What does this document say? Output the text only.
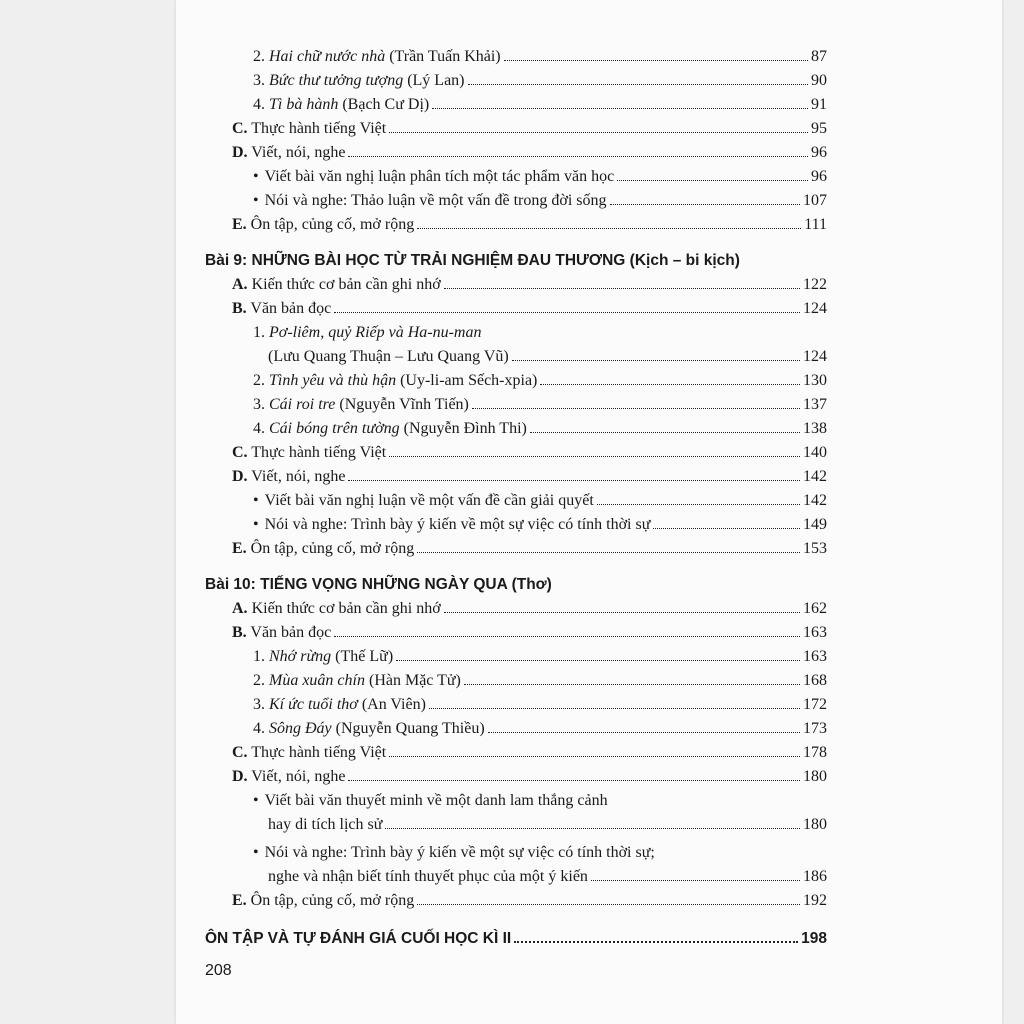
2. Hai chữ nước nhà (Trần Tuấn Khải)	87
3. Bức thư tưởng tượng (Lý Lan)	90
4. Tì bà hành (Bạch Cư Dị)	91
C. Thực hành tiếng Việt	95
D. Viết, nói, nghe	96
• Viết bài văn nghị luận phân tích một tác phẩm văn học	96
• Nói và nghe: Thảo luận về một vấn đề trong đời sống	107
E. Ôn tập, củng cố, mở rộng	111
Bài 9: NHỮNG BÀI HỌC TỪ TRẢI NGHIỆM ĐAU THƯƠNG (Kịch – bi kịch)
A. Kiến thức cơ bản cần ghi nhớ	122
B. Văn bản đọc	124
1. Pơ-liêm, quỷ Riếp và Ha-nu-man
(Lưu Quang Thuận – Lưu Quang Vũ)	124
2. Tình yêu và thù hận (Uy-li-am Sếch-xpia)	130
3. Cái roi tre (Nguyễn Vĩnh Tiến)	137
4. Cái bóng trên tường (Nguyễn Đình Thi)	138
C. Thực hành tiếng Việt	140
D. Viết, nói, nghe	142
• Viết bài văn nghị luận về một vấn đề cần giải quyết	142
• Nói và nghe: Trình bày ý kiến về một sự việc có tính thời sự	149
E. Ôn tập, củng cố, mở rộng	153
Bài 10: TIẾNG VỌNG NHỮNG NGÀY QUA (Thơ)
A. Kiến thức cơ bản cần ghi nhớ	162
B. Văn bản đọc	163
1. Nhớ rừng (Thế Lữ)	163
2. Mùa xuân chín (Hàn Mặc Tử)	168
3. Kí ức tuổi thơ (An Viên)	172
4. Sông Đáy (Nguyễn Quang Thiều)	173
C. Thực hành tiếng Việt	178
D. Viết, nói, nghe	180
• Viết bài văn thuyết minh về một danh lam thắng cảnh
hay di tích lịch sử	180
• Nói và nghe: Trình bày ý kiến về một sự việc có tính thời sự;
nghe và nhận biết tính thuyết phục của một ý kiến	186
E. Ôn tập, củng cố, mở rộng	192
ÔN TẬP VÀ TỰ ĐÁNH GIÁ CUỐI HỌC KÌ II	198
208
